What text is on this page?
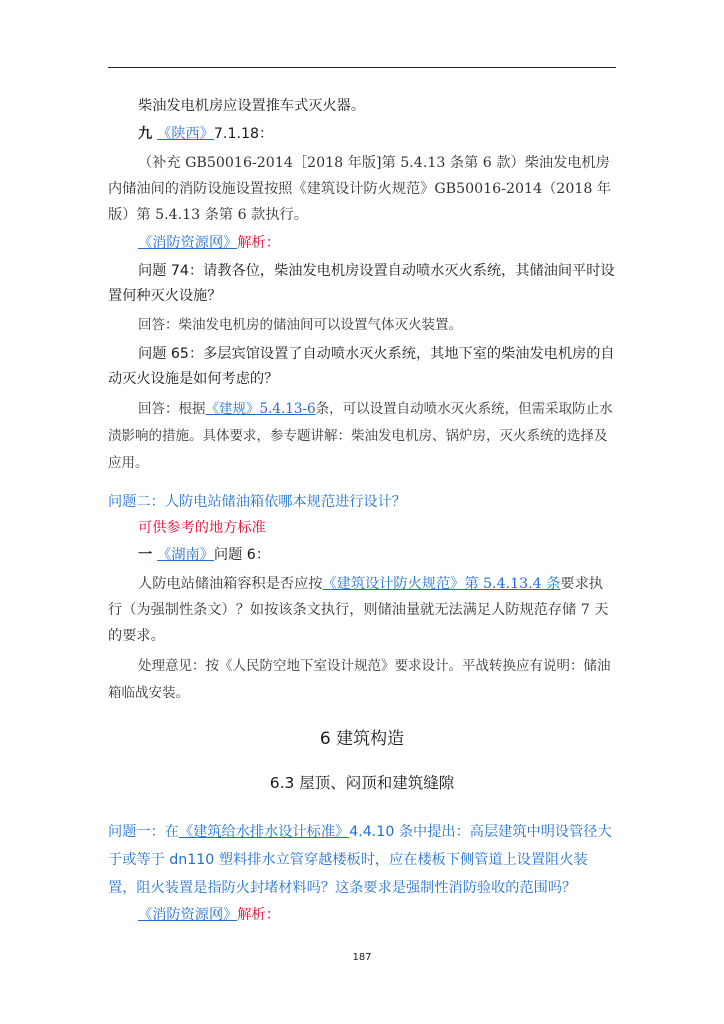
柴油发电机房应设置推车式灭火器。

九 《陕西》7.1.18：

（补充 GB50016-2014［2018 年版]第 5.4.13 条第 6 款）柴油发电机房内储油间的消防设施设置按照《建筑设计防火规范》GB50016-2014（2018 年版）第 5.4.13 条第 6 款执行。

《消防资源网》解析：

问题 74：请教各位，柴油发电机房设置自动喷水灭火系统，其储油间平时设置何种灭火设施？

回答：柴油发电机房的储油间可以设置气体灭火装置。

问题 65：多层宾馆设置了自动喷水灭火系统，其地下室的柴油发电机房的自动灭火设施是如何考虑的？

回答：根据《建规》5.4.13-6条，可以设置自动喷水灭火系统，但需采取防止水渍影响的措施。具体要求，参专题讲解：柴油发电机房、锅炉房，灭火系统的选择及应用。

问题二：人防电站储油箱依哪本规范进行设计？

可供参考的地方标准

一 《湖南》问题 6：

人防电站储油箱容积是否应按《建筑设计防火规范》第 5.4.13.4 条要求执行（为强制性条文）？如按该条文执行，则储油量就无法满足人防规范存储 7 天的要求。

处理意见：按《人民防空地下室设计规范》要求设计。平战转换应有说明：储油箱临战安装。

6 建筑构造
6.3 屋顶、闷顶和建筑缝隙

问题一：在《建筑给水排水设计标准》4.4.10 条中提出：高层建筑中明设管径大于或等于 dn110 塑料排水立管穿越楼板时，应在楼板下侧管道上设置阻火装置，阻火装置是指防火封堵材料吗？这条要求是强制性消防验收的范围吗？

《消防资源网》解析：

187
